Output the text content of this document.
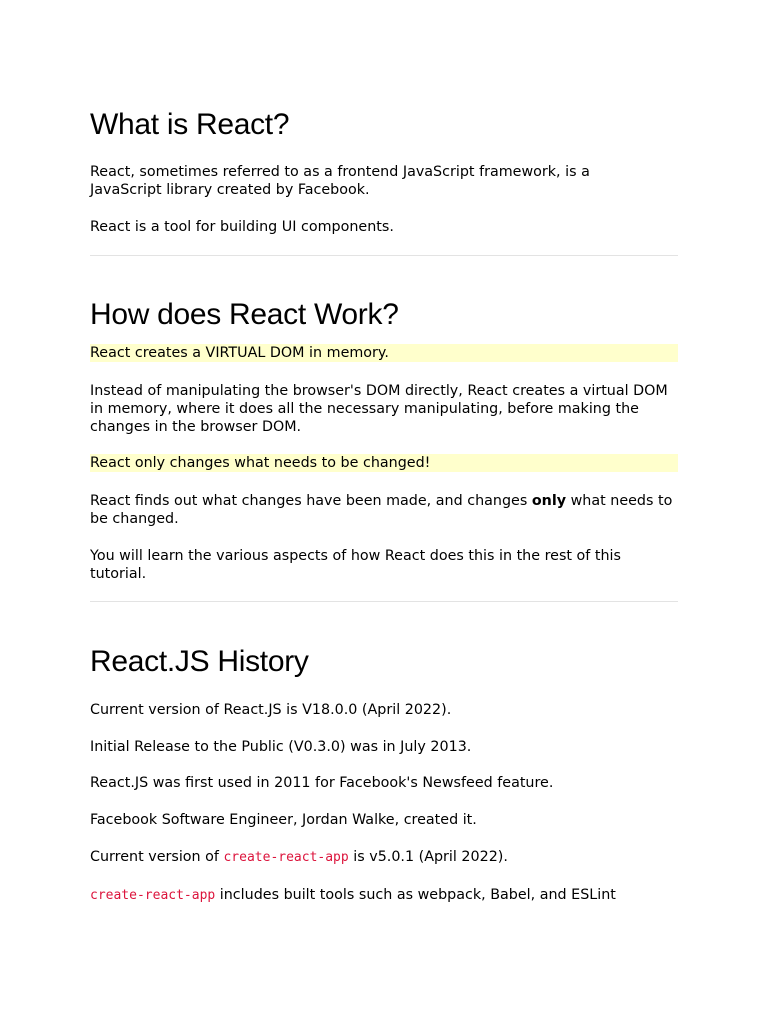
What is React?

React, sometimes referred to as a frontend JavaScript framework, is a JavaScript library created by Facebook.

React is a tool for building UI components.

How does React Work?

React creates a VIRTUAL DOM in memory.

Instead of manipulating the browser's DOM directly, React creates a virtual DOM in memory, where it does all the necessary manipulating, before making the changes in the browser DOM.

React only changes what needs to be changed!

React finds out what changes have been made, and changes only what needs to be changed.

You will learn the various aspects of how React does this in the rest of this tutorial.

React.JS History

Current version of React.JS is V18.0.0 (April 2022).

Initial Release to the Public (V0.3.0) was in July 2013.

React.JS was first used in 2011 for Facebook's Newsfeed feature.

Facebook Software Engineer, Jordan Walke, created it.

Current version of create-react-app is v5.0.1 (April 2022).

create-react-app includes built tools such as webpack, Babel, and ESLint
